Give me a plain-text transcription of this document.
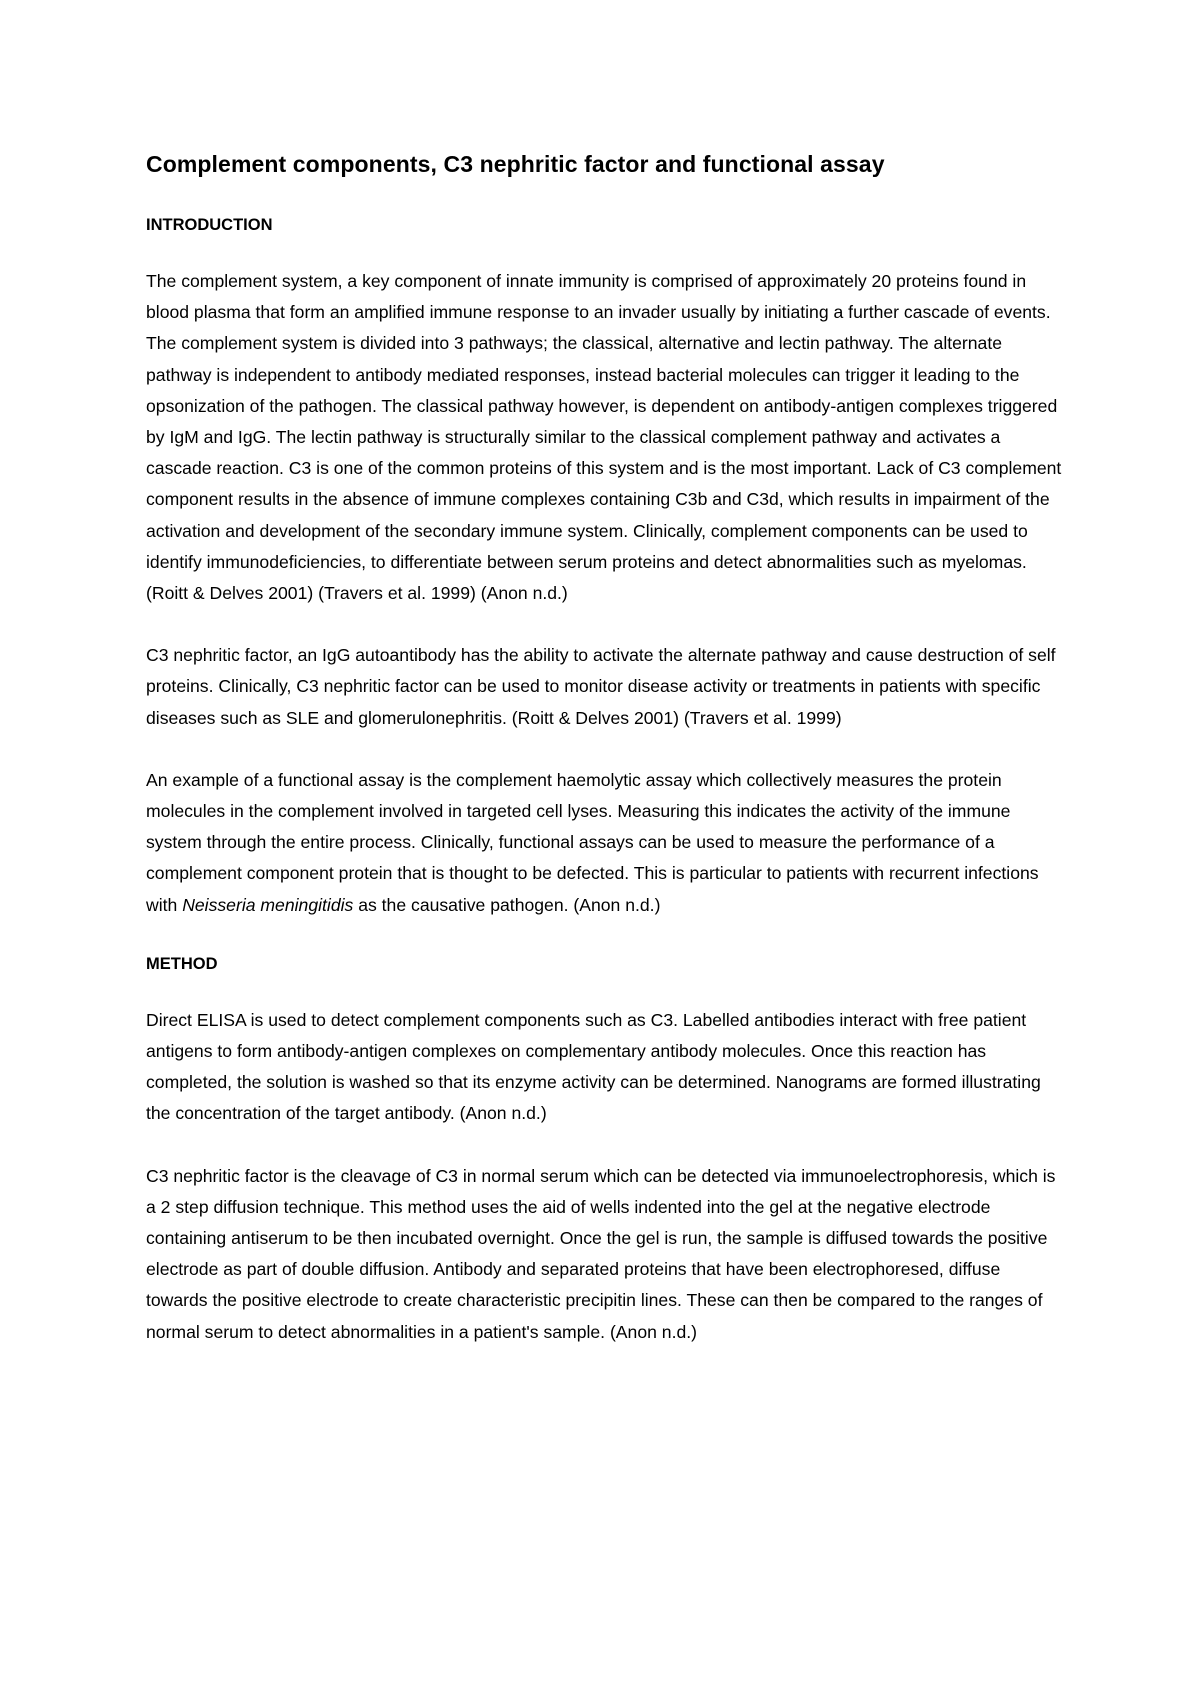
Complement components, C3 nephritic factor and functional assay
INTRODUCTION

The complement system, a key component of innate immunity is comprised of approximately 20 proteins found in blood plasma that form an amplified immune response to an invader usually by initiating a further cascade of events. The complement system is divided into 3 pathways; the classical, alternative and lectin pathway. The alternate pathway is independent to antibody mediated responses, instead bacterial molecules can trigger it leading to the opsonization of the pathogen. The classical pathway however, is dependent on antibody-antigen complexes triggered by IgM and IgG. The lectin pathway is structurally similar to the classical complement pathway and activates a cascade reaction. C3 is one of the common proteins of this system and is the most important. Lack of C3 complement component results in the absence of immune complexes containing C3b and C3d, which results in impairment of the activation and development of the secondary immune system. Clinically, complement components can be used to identify immunodeficiencies, to differentiate between serum proteins and detect abnormalities such as myelomas. (Roitt & Delves 2001) (Travers et al. 1999) (Anon n.d.)

C3 nephritic factor, an IgG autoantibody has the ability to activate the alternate pathway and cause destruction of self proteins. Clinically, C3 nephritic factor can be used to monitor disease activity or treatments in patients with specific diseases such as SLE and glomerulonephritis. (Roitt & Delves 2001) (Travers et al. 1999)

An example of a functional assay is the complement haemolytic assay which collectively measures the protein molecules in the complement involved in targeted cell lyses. Measuring this indicates the activity of the immune system through the entire process. Clinically, functional assays can be used to measure the performance of a complement component protein that is thought to be defected. This is particular to patients with recurrent infections with Neisseria meningitidis as the causative pathogen. (Anon n.d.)

METHOD

Direct ELISA is used to detect complement components such as C3. Labelled antibodies interact with free patient antigens to form antibody-antigen complexes on complementary antibody molecules. Once this reaction has completed, the solution is washed so that its enzyme activity can be determined. Nanograms are formed illustrating the concentration of the target antibody. (Anon n.d.)

C3 nephritic factor is the cleavage of C3 in normal serum which can be detected via immunoelectrophoresis, which is a 2 step diffusion technique. This method uses the aid of wells indented into the gel at the negative electrode containing antiserum to be then incubated overnight. Once the gel is run, the sample is diffused towards the positive electrode as part of double diffusion. Antibody and separated proteins that have been electrophoresed, diffuse towards the positive electrode to create characteristic precipitin lines. These can then be compared to the ranges of normal serum to detect abnormalities in a patient's sample. (Anon n.d.)
